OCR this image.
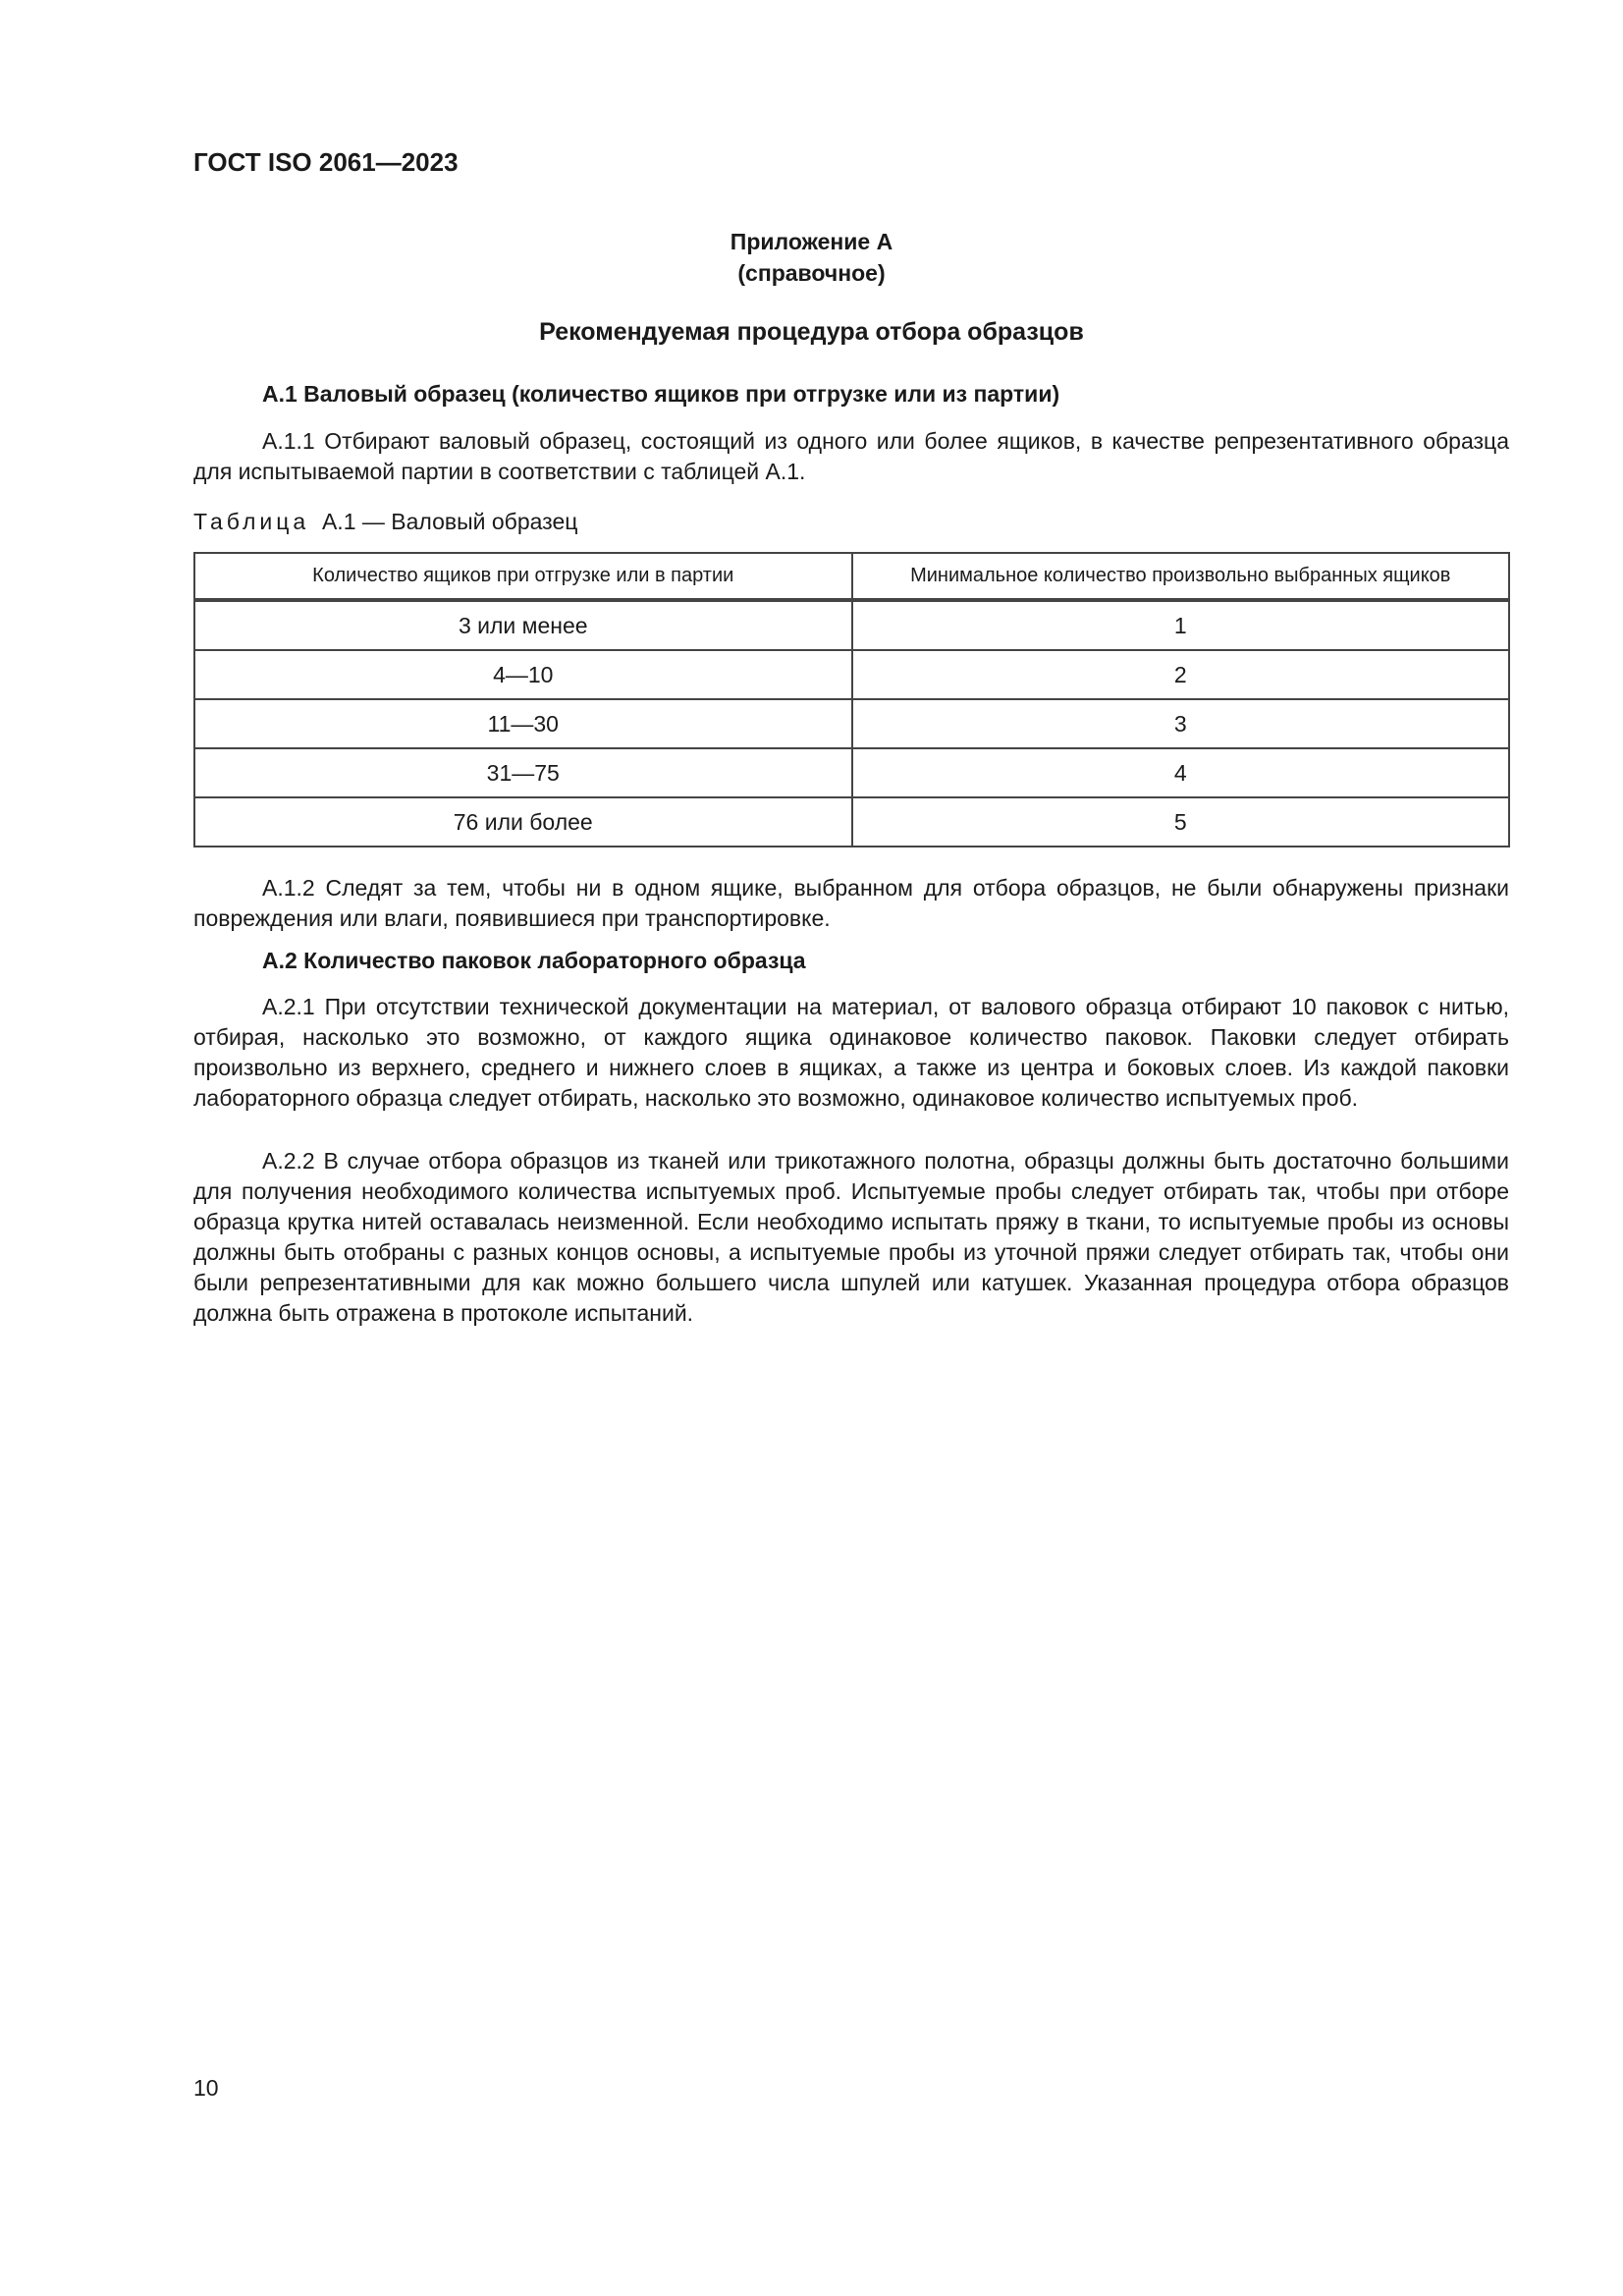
ГОСТ ISO 2061—2023
Приложение А
(справочное)
Рекомендуемая процедура отбора образцов
А.1 Валовый образец (количество ящиков при отгрузке или из партии)

А.1.1 Отбирают валовый образец, состоящий из одного или более ящиков, в качестве репрезентативного образца для испытываемой партии в соответствии с таблицей А.1.

Таблица А.1 — Валовый образец
Количество ящиков при отгрузке или в партии	Минимальное количество произвольно выбранных ящиков
3 или менее	1
4—10	2
11—30	3
31—75	4
76 или более	5

А.1.2 Следят за тем, чтобы ни в одном ящике, выбранном для отбора образцов, не были обнаружены признаки повреждения или влаги, появившиеся при транспортировке.

А.2 Количество паковок лабораторного образца

А.2.1 При отсутствии технической документации на материал, от валового образца отбирают 10 паковок с нитью, отбирая, насколько это возможно, от каждого ящика одинаковое количество паковок. Паковки следует отбирать произвольно из верхнего, среднего и нижнего слоев в ящиках, а также из центра и боковых слоев. Из каждой паковки лабораторного образца следует отбирать, насколько это возможно, одинаковое количество испытуемых проб.

А.2.2 В случае отбора образцов из тканей или трикотажного полотна, образцы должны быть достаточно большими для получения необходимого количества испытуемых проб. Испытуемые пробы следует отбирать так, чтобы при отборе образца крутка нитей оставалась неизменной. Если необходимо испытать пряжу в ткани, то испытуемые пробы из основы должны быть отобраны с разных концов основы, а испытуемые пробы из уточной пряжи следует отбирать так, чтобы они были репрезентативными для как можно большего числа шпулей или катушек. Указанная процедура отбора образцов должна быть отражена в протоколе испытаний.

10
